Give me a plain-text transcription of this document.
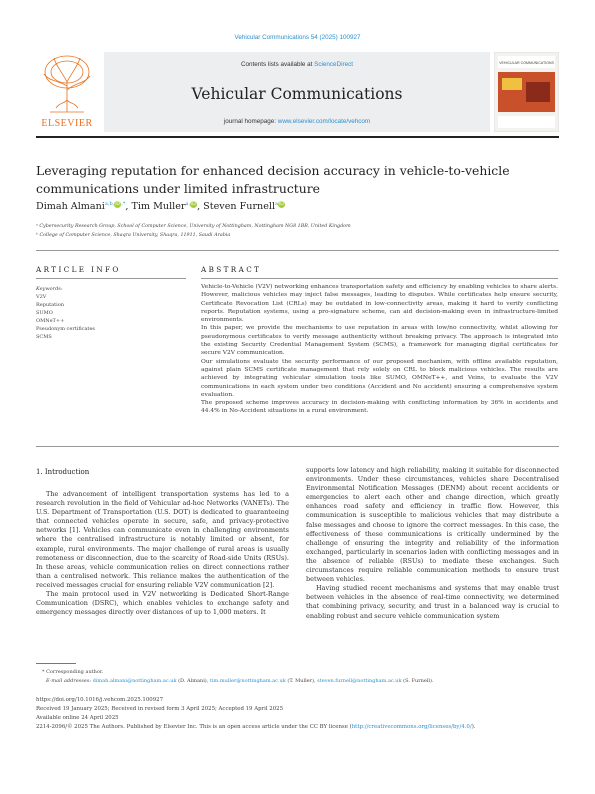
Vehicular Communications 54 (2025) 100927
ELSEVIER
Contents lists available at ScienceDirect
Vehicular Communications
journal homepage: www.elsevier.com/locate/vehcom
VEHICULAR COMMUNICATIONS
Leveraging reputation for enhanced decision accuracy in vehicle-to-vehicle communications under limited infrastructure
Dimah Almani$^{a,b,}$iD,*, Tim Muller$^{a,}$iD, Steven Furnell$^a$iD
ᵃ Cybersecurity Research Group, School of Computer Science, University of Nottingham, Nottingham NG8 1BB, United Kingdom
ᵇ College of Computer Science, Shaqra University, Shaqra, 11911, Saudi Arabia
ARTICLE INFO
Keywords:
V2V
Reputation
SUMO
OMNeT++
Pseudonym certificates
SCMS
ABSTRACT

Vehicle-to-Vehicle (V2V) networking enhances transportation safety and efficiency by enabling vehicles to share alerts. However, malicious vehicles may inject false messages, leading to disputes. While certificates help ensure security, Certificate Revocation List (CRLs) may be outdated in low-connectivity areas, making it hard to verify conflicting reports. Reputation systems, using a pro-signature scheme, can aid decision-making even in infrastructure-limited environments.

In this paper, we provide the mechanisms to use reputation in areas with low/no connectivity, whilst allowing for pseudonymous certificates to verify message authenticity without breaking privacy. The approach is integrated into the existing Security Credential Management System (SCMS), a framework for managing digital certificates for secure V2V communication.

Our simulations evaluate the security performance of our proposed mechanism, with offline available reputation, against plain SCMS certificate management that rely solely on CRL to block malicious vehicles. The results are achieved by integrating vehicular simulation tools like SUMO, OMNeT++, and Veins, to evaluate the V2V communications in each system under two conditions (Accident and No accident) ensuring a comprehensive system evaluation.

The proposed scheme improves accuracy in decision-making with conflicting information by 36% in accidents and 44.4% in No-Accident situations in a rural environment.

1. Introduction

The advancement of intelligent transportation systems has led to a research revolution in the field of Vehicular ad-hoc Networks (VANETs). The U.S. Department of Transportation (U.S. DOT) is dedicated to guaranteeing that connected vehicles operate in secure, safe, and privacy-protective networks [1]. Vehicles can communicate even in challenging environments where the centralised infrastructure is notably limited or absent, for example, rural environments. The major challenge of rural areas is usually remoteness or disconnection, due to the scarcity of Road-side Units (RSUs). In these areas, vehicle communication relies on direct connections rather than a centralised network. This reliance makes the authentication of the received messages crucial for ensuring reliable V2V communication [2].

The main protocol used in V2V networking is Dedicated Short-Range Communication (DSRC), which enables vehicles to exchange safety and emergency messages directly over distances of up to 1,000 meters. It

supports low latency and high reliability, making it suitable for disconnected environments. Under these circumstances, vehicles share Decentralised Environmental Notification Messages (DENM) about recent accidents or emergencies to alert each other and change direction, which greatly enhances road safety and efficiency in traffic flow. However, this communication is susceptible to malicious vehicles that may distribute a false messages and choose to ignore the correct messages. In this case, the effectiveness of these communications is critically undermined by the challenge of ensuring the integrity and reliability of the information exchanged, particularly in scenarios laden with conflicting messages and in the absence of reliable (RSUs) to mediate these exchanges. Such circumstances require reliable communication methods to ensure trust between vehicles.

Having studied recent mechanisms and systems that may enable trust between vehicles in the absence of real-time connectivity, we determined that combining privacy, security, and trust in a balanced way is crucial to enabling robust and secure vehicle communication system

* Corresponding author.
E-mail addresses: dimah.almani@nottingham.ac.uk (D. Almani), tim.muller@nottingham.ac.uk (T. Muller), steven.furnell@nottingham.ac.uk (S. Furnell).
https://doi.org/10.1016/j.vehcom.2025.100927
Received 19 January 2025; Received in revised form 3 April 2025; Accepted 19 April 2025
Available online 24 April 2025
2214-2096/© 2025 The Authors. Published by Elsevier Inc. This is an open access article under the CC BY license (http://creativecommons.org/licenses/by/4.0/).
